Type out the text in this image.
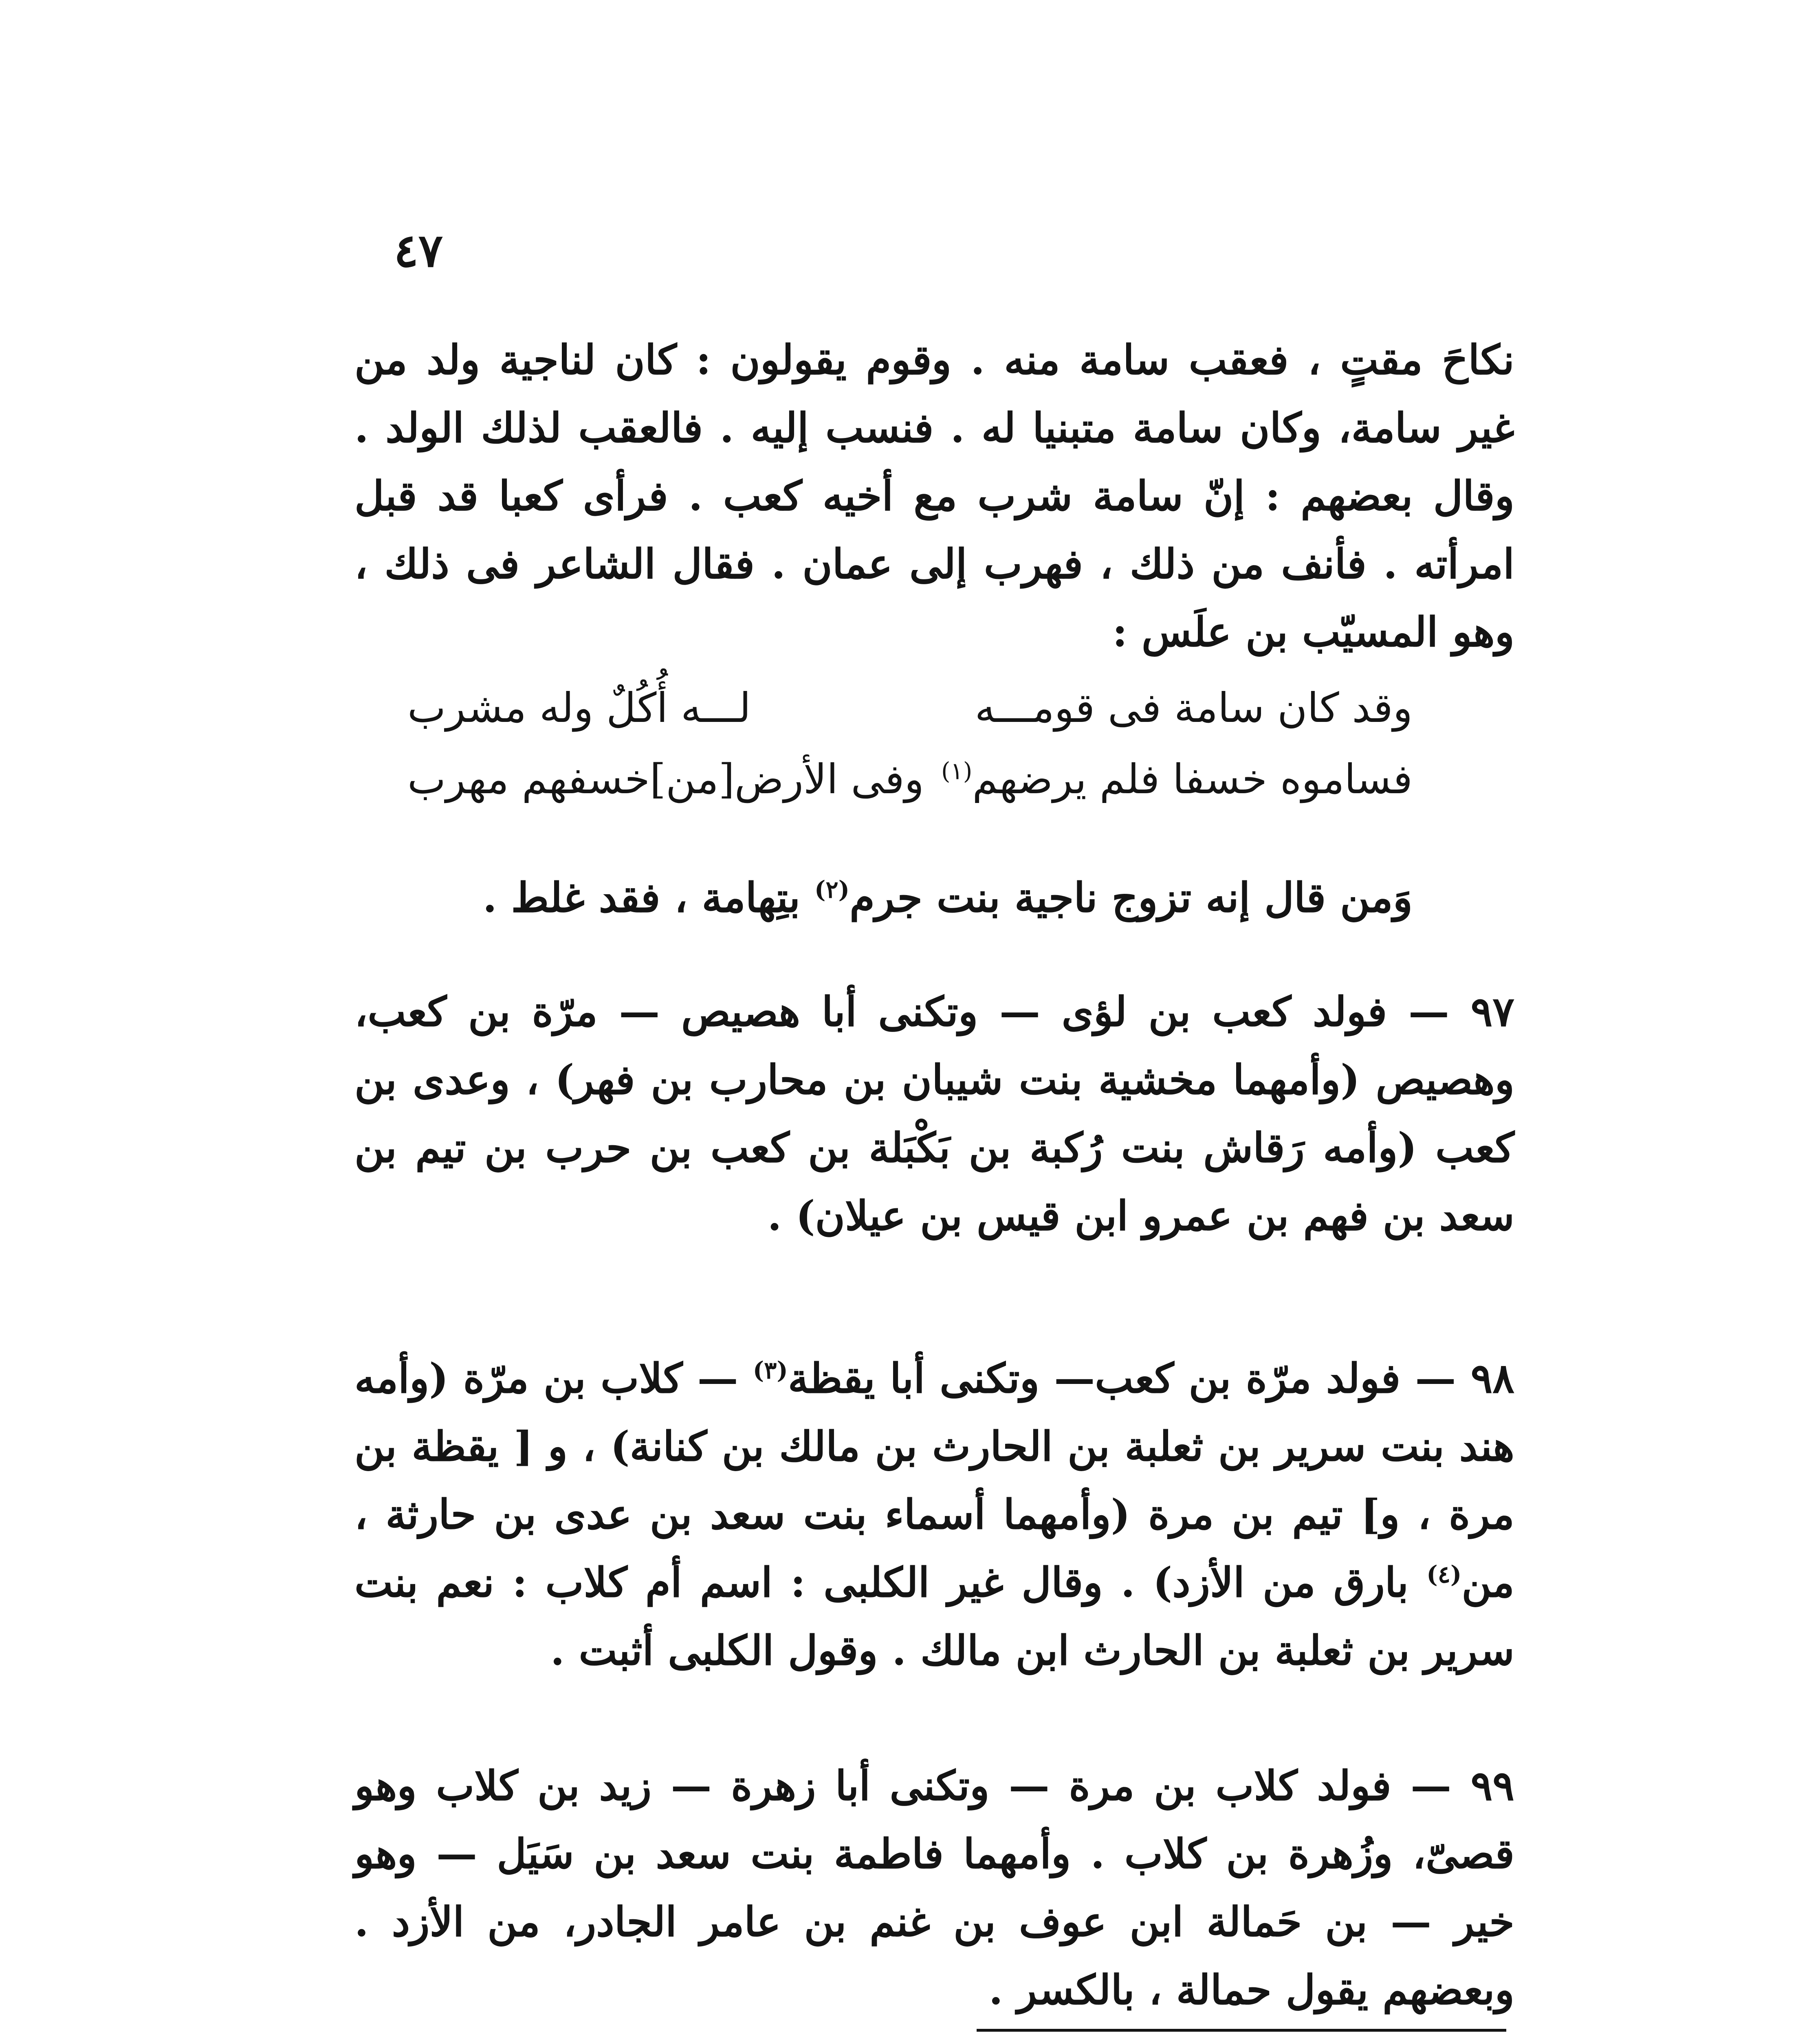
٤٧

نكاحَ مقتٍ ، فعقب سامة منه . وقوم يقولون : كان لناجية ولد من غير سامة، وكان سامة متبنيا له . فنسب إليه . فالعقب لذلك الولد . وقال بعضهم : إنّ سامة شرب مع أخيه كعب . فرأى كعبا قد قبل امرأته . فأنف من ذلك ، فهرب إلى عمان . فقال الشاعر فى ذلك ، وهو المسيّب بن علَس :

وقد كان سامة فى قومـــه
لـــه أُكُلٌ وله مشرب
فساموه خسفا فلم يرضهم$^{(١)}$
وفى الأرض[من]خسفهم مهرب

وَمن قال إنه تزوج ناجية بنت جرم$^{(٢)}$ بتِهامة ، فقد غلط .

٩٧ — فولد كعب بن لؤى — وتكنى أبا هصيص — مرّة بن كعب، وهصيص (وأمهما مخشية بنت شيبان بن محارب بن فهر) ، وعدى بن كعب (وأمه رَقاش بنت رُكبة بن بَكْبَلة بن كعب بن حرب بن تيم بن سعد بن فهم بن عمرو ابن قيس بن عيلان) .

٩٨ — فولد مرّة بن كعب— وتكنى أبا يقظة$^{(٣)}$ — كلاب بن مرّة (وأمه هند بنت سرير بن ثعلبة بن الحارث بن مالك بن كنانة) ، و [ يقظة بن مرة ، و] تيم بن مرة (وأمهما أسماء بنت سعد بن عدى بن حارثة ، من$^{(٤)}$ بارق من الأزد) . وقال غير الكلبى : اسم أم كلاب : نعم بنت سرير بن ثعلبة بن الحارث ابن مالك . وقول الكلبى أثبت .

٩٩ — فولد كلاب بن مرة — وتكنى أبا زهرة — زيد بن كلاب وهو قصىّ، وزُهرة بن كلاب . وأمهما فاطمة بنت سعد بن سَيَل — وهو خير — بن حَمالة ابن عوف بن غنم بن عامر الجادر، من الأزد . وبعضهم يقول حمالة ، بالكسر .
